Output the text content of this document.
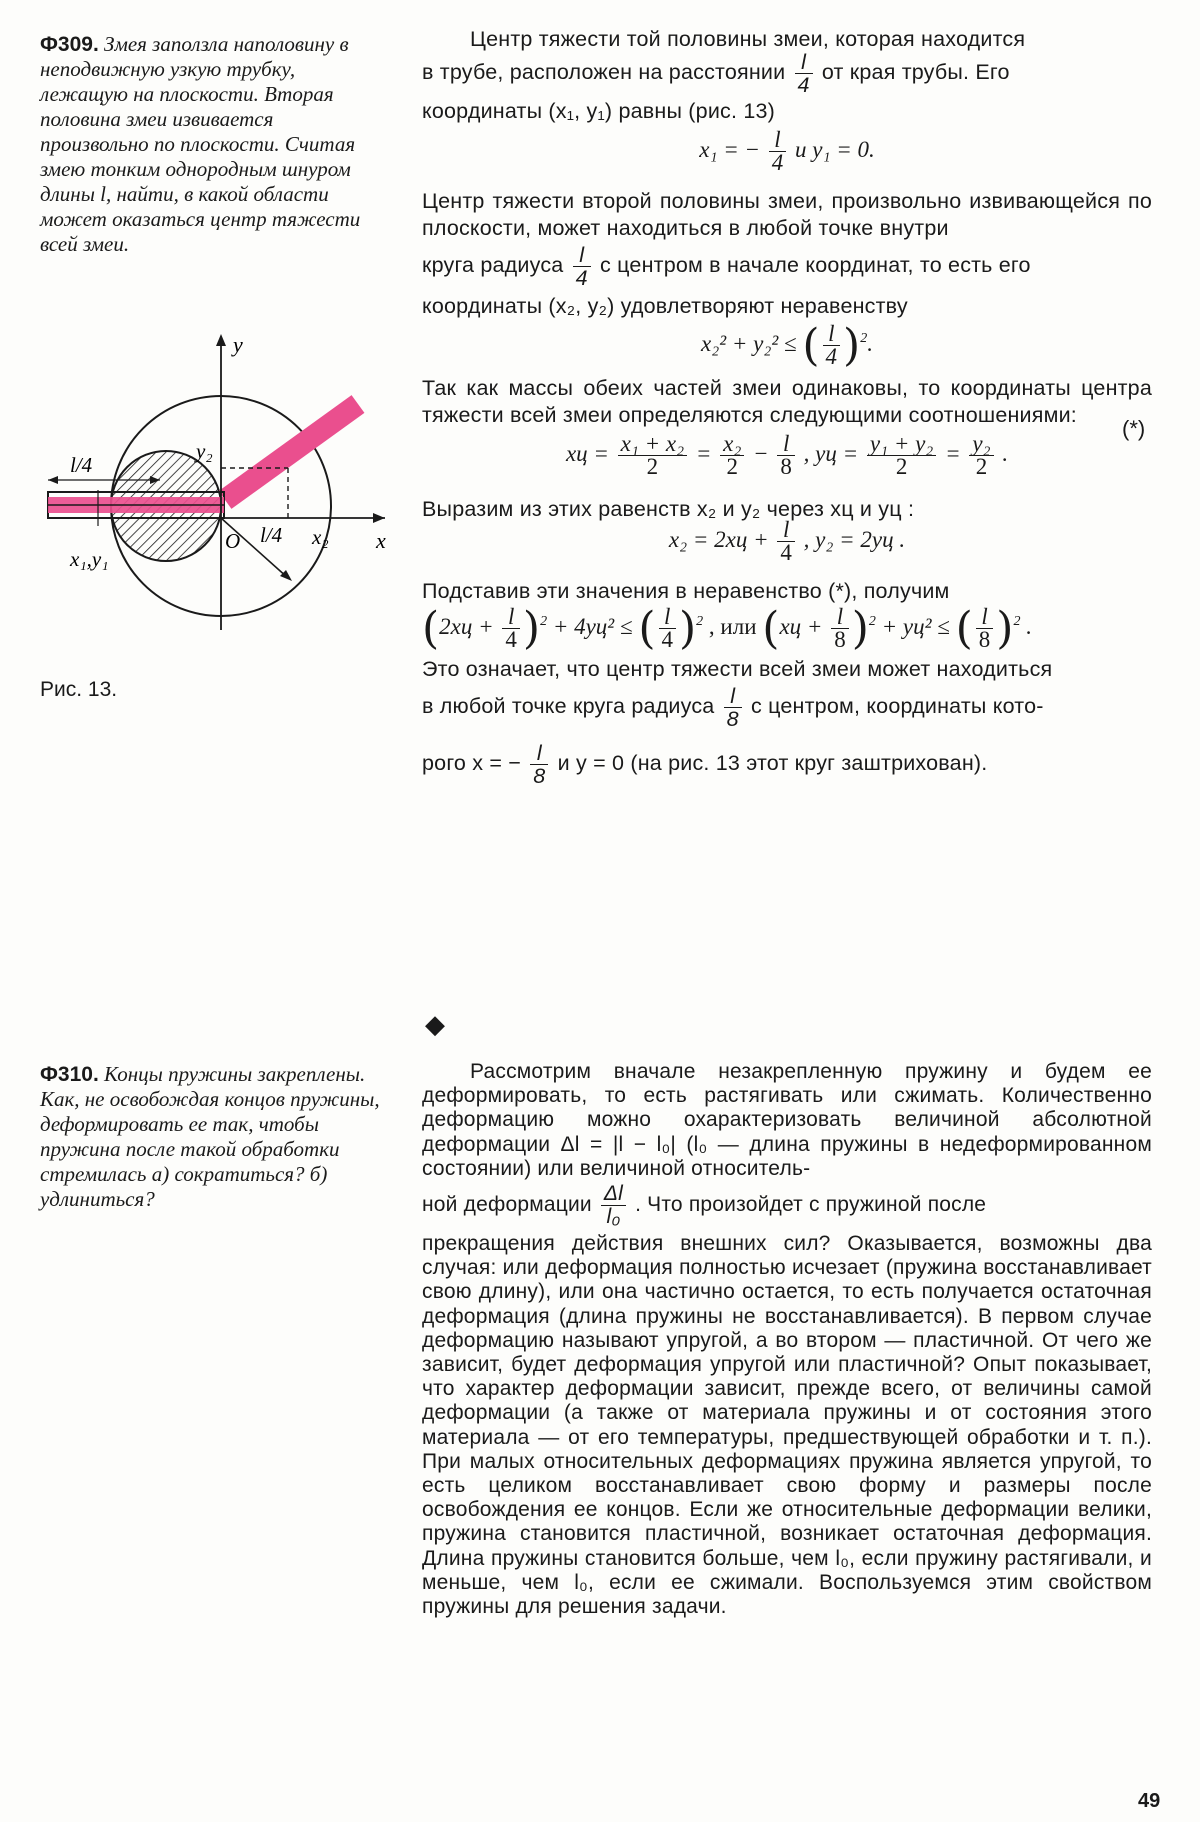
Ф309. Змея заползла наполовину в неподвижную узкую трубку, лежащую на плоскости. Вторая половина змеи извивается произвольно по плоскости. Считая змею тонким однородным шнуром длины l, найти, в какой области может оказаться центр тяжести всей змеи.
y
x
O
l/4
l/4
y₂
x₂
x₁,y₁
Рис. 13.

Центр тяжести той половины змеи, которая находится

в трубе, расположен на расстоянии $\frac{l}{4}$ от края трубы. Его

координаты (x₁, y₁) равны (рис. 13)

x₁ = − $\frac{l}{4}$ и y₁ = 0.

Центр тяжести второй половины змеи, произвольно извивающейся по плоскости, может находиться в любой точке внутри

круга радиуса $\frac{l}{4}$ с центром в начале координат, то есть его

координаты (x₂, y₂) удовлетворяют неравенству

x₂² + y₂² ≤ ( $\frac{l}{4} )^2$.

Так как массы обеих частей змеи одинаковы, то координаты центра тяжести всей змеи определяются следующими соотношениями:

xц = $\frac{\text{x₁ + x₂}}{2} = \frac{\text{x₂}}{2} - \frac{l}{8}$ , yц = $\frac{\text{y₁ + y₂}}{2} = \frac{\text{y₂}}{2}$ .

Выразим из этих равенств x₂ и y₂ через xц и yц :

$x_2 = 2xц + \frac{l}{4}$ , y₂ = 2yц .

Подставив эти значения в неравенство (*), получим

$(2xц + \frac{l}{4} )^2 + 4yц^2$ ≤ ( $\frac{l}{4} )^2$ , или $(xц + \frac{l}{8} )^2 + yц^2$ ≤ ( $\frac{l}{8} )^2$ .

Это означает, что центр тяжести всей змеи может находиться

в любой точке круга радиуса $\frac{l}{8}$ с центром, координаты кото-

рого x = − $\frac{l}{8}$ и y = 0 (на рис. 13 этот круг заштрихован).

(*)
◆
Ф310. Концы пружины закреплены. Как, не освобождая концов пружины, деформировать ее так, чтобы пружина после такой обработки стремилась а) сократиться? б) удлиниться?

Рассмотрим вначале незакрепленную пружину и будем ее деформировать, то есть растягивать или сжимать. Количественно деформацию можно охарактеризовать величиной абсолютной деформации Δl = |l − l₀| (l₀ — длина пружины в недеформированном состоянии) или величиной относитель-

ной деформации $\frac{\Delta l}{\text{l₀}}$ . Что произойдет с пружиной после

прекращения действия внешних сил? Оказывается, возможны два случая: или деформация полностью исчезает (пружина восстанавливает свою длину), или она частично остается, то есть получается остаточная деформация (длина пружины не восстанавливается). В первом случае деформацию называют упругой, а во втором — пластичной. От чего же зависит, будет деформация упругой или пластичной? Опыт показывает, что характер деформации зависит, прежде всего, от величины самой деформации (а также от материала пружины и от состояния этого материала — от его температуры, предшествующей обработки и т. п.). При малых относительных деформациях пружина является упругой, то есть целиком восстанавливает свою форму и размеры после освобождения ее концов. Если же относительные деформации велики, пружина становится пластичной, возникает остаточная деформация. Длина пружины становится больше, чем l₀, если пружину растягивали, и меньше, чем l₀, если ее сжимали. Воспользуемся этим свойством пружины для решения задачи.

49
